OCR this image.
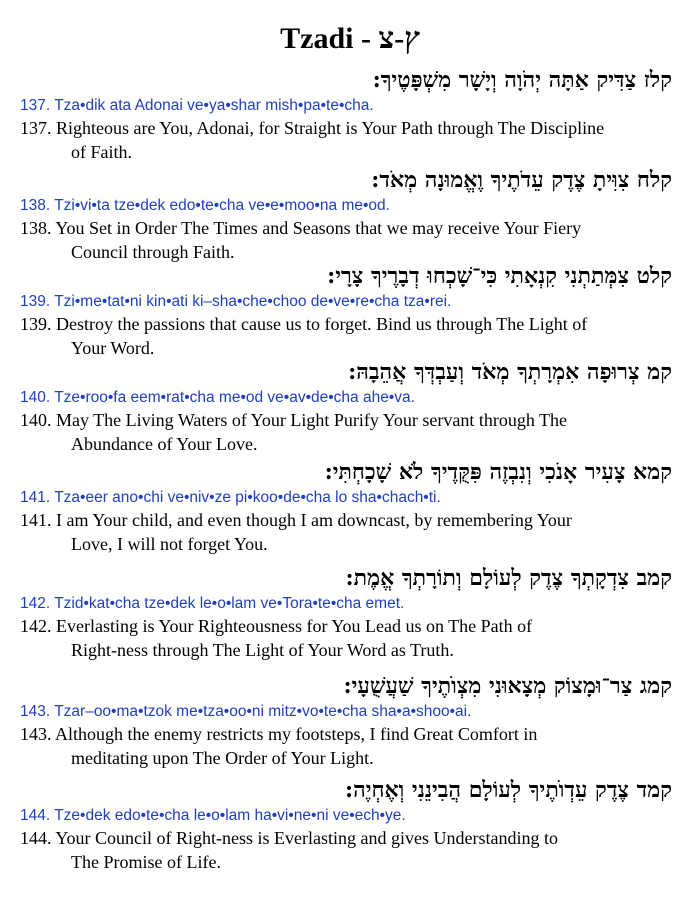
Tzadi - ץ-צ
קלז צַדִּיק אַתָּה יְהֹוָה וְיָשָׁר מִשְׁפָּטֶיךָ:
137. Tza•dik ata Adonai ve•ya•shar mish•pa•te•cha.
137. Righteous are You, Adonai, for Straight is Your Path through The Discipline
of Faith.
קלח צִוִּיתָ צֶדֶק עֵדֹתֶיךָ וֶאֱמוּנָה מְאֹד:
138. Tzi•vi•ta tze•dek edo•te•cha ve•e•moo•na me•od.
138. You Set in Order The Times and Seasons that we may receive Your Fiery
Council through Faith.
קלט צִמְּתַתְנִי קִנְאָתִי כִּי־שָׁכְחוּ דְבָרֶיךָ צָרָי:
139. Tzi•me•tat•ni kin•ati ki–sha•che•choo de•ve•re•cha tza•rei.
139. Destroy the passions that cause us to forget. Bind us through The Light of
Your Word.
קמ צְרוּפָה אִמְרָתְךָ מְאֹד וְעַבְדְּךָ אֲהֵבָהּ:
140. Tze•roo•fa eem•rat•cha me•od ve•av•de•cha ahe•va.
140. May The Living Waters of Your Light Purify Your servant through The
Abundance of Your Love.
קמא צָעִיר אָנֹכִי וְנִבְזֶה פִּקֻּדֶיךָ לֹא שָׁכָחְתִּי:
141. Tza•eer ano•chi ve•niv•ze pi•koo•de•cha lo sha•chach•ti.
141. I am Your child, and even though I am downcast, by remembering Your
Love, I will not forget You.
קמב צִדְקָתְךָ צֶדֶק לְעוֹלָם וְתוֹרָתְךָ אֱמֶת:
142. Tzid•kat•cha tze•dek le•o•lam ve•Tora•te•cha emet.
142. Everlasting is Your Righteousness for You Lead us on The Path of
Right-ness through The Light of Your Word as Truth.
קמג צַר־וּמָצוֹק מְצָאוּנִי מִצְוֺתֶיךָ שַׁעֲשֻׁעָי:
143. Tzar–oo•ma•tzok me•tza•oo•ni mitz•vo•te•cha sha•a•shoo•ai.
143. Although the enemy restricts my footsteps, I find Great Comfort in
meditating upon The Order of Your Light.
קמד צֶדֶק עֵדְוֺתֶיךָ לְעוֹלָם הֲבִינֵנִי וְאֶחְיֶה:
144. Tze•dek edo•te•cha le•o•lam ha•vi•ne•ni ve•ech•ye.
144. Your Council of Right-ness is Everlasting and gives Understanding to
The Promise of Life.
